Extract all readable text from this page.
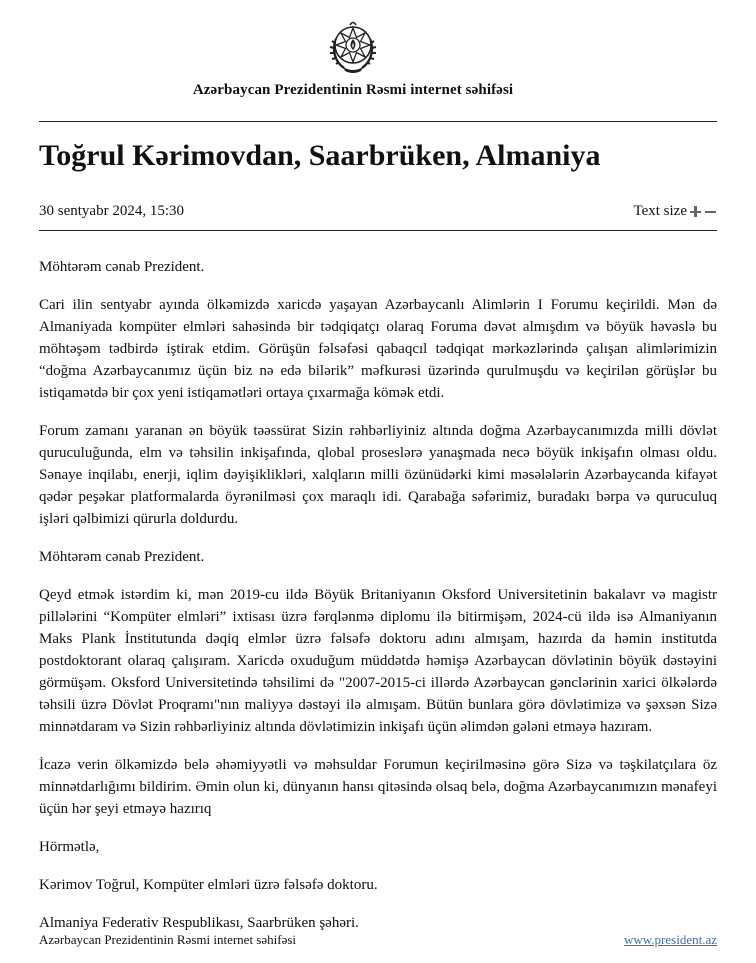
Azərbaycan Prezidentinin Rəsmi internet səhifəsi
Toğrul Kərimovdan, Saarbrüken, Almaniya
30 sentyabr 2024, 15:30	Text size

Möhtərəm cənab Prezident.

Cari ilin sentyabr ayında ölkəmizdə xaricdə yaşayan Azərbaycanlı Alimlərin I Forumu keçirildi. Mən də Almaniyada kompüter elmləri sahəsində bir tədqiqatçı olaraq Foruma dəvət almışdım və böyük həvəslə bu möhtəşəm tədbirdə iştirak etdim. Görüşün fəlsəfəsi qabaqcıl tədqiqat mərkəzlərində çalışan alimlərimizin “doğma Azərbaycanımız üçün biz nə edə bilərik” məfkurəsi üzərində qurulmuşdu və keçirilən görüşlər bu istiqamətdə bir çox yeni istiqamətləri ortaya çıxarmağa kömək etdi.

Forum zamanı yaranan ən böyük təəssürat Sizin rəhbərliyiniz altında doğma Azərbaycanımızda milli dövlət quruculuğunda, elm və təhsilin inkişafında, qlobal proseslərə yanaşmada necə böyük inkişafın olması oldu. Sənaye inqilabı, enerji, iqlim dəyişiklikləri, xalqların milli özünüdərki kimi məsələlərin Azərbaycanda kifayət qədər peşəkar platformalarda öyrənilməsi çox maraqlı idi. Qarabağa səfərimiz, buradakı bərpa və quruculuq işləri qəlbimizi qürurla doldurdu.

Möhtərəm cənab Prezident.

Qeyd etmək istərdim ki, mən 2019-cu ildə Böyük Britaniyanın Oksford Universitetinin bakalavr və magistr pillələrini “Kompüter elmləri” ixtisası üzrə fərqlənmə diplomu ilə bitirmişəm, 2024-cü ildə isə Almaniyanın Maks Plank İnstitutunda dəqiq elmlər üzrə fəlsəfə doktoru adını almışam, hazırda da həmin institutda postdoktorant olaraq çalışıram. Xaricdə oxuduğum müddətdə həmişə Azərbaycan dövlətinin böyük dəstəyini görmüşəm. Oksford Universitetində təhsilimi də "2007-2015-ci illərdə Azərbaycan gənclərinin xarici ölkələrdə təhsili üzrə Dövlət Proqramı"nın maliyyə dəstəyi ilə almışam. Bütün bunlara görə dövlətimizə və şəxsən Sizə minnətdaram və Sizin rəhbərliyiniz altında dövlətimizin inkişafı üçün əlimdən gələni etməyə hazıram.

İcazə verin ölkəmizdə belə əhəmiyyətli və məhsuldar Forumun keçirilməsinə görə Sizə və təşkilatçılara öz minnətdarlığımı bildirim. Əmin olun ki, dünyanın hansı qitəsində olsaq belə, doğma Azərbaycanımızın mənafeyi üçün hər şeyi etməyə hazırıq

Hörmətlə,

Kərimov Toğrul, Kompüter elmləri üzrə fəlsəfə doktoru.

Almaniya Federativ Respublikası, Saarbrüken şəhəri.

Azərbaycan Prezidentinin Rəsmi internet səhifəsi	www.president.az
